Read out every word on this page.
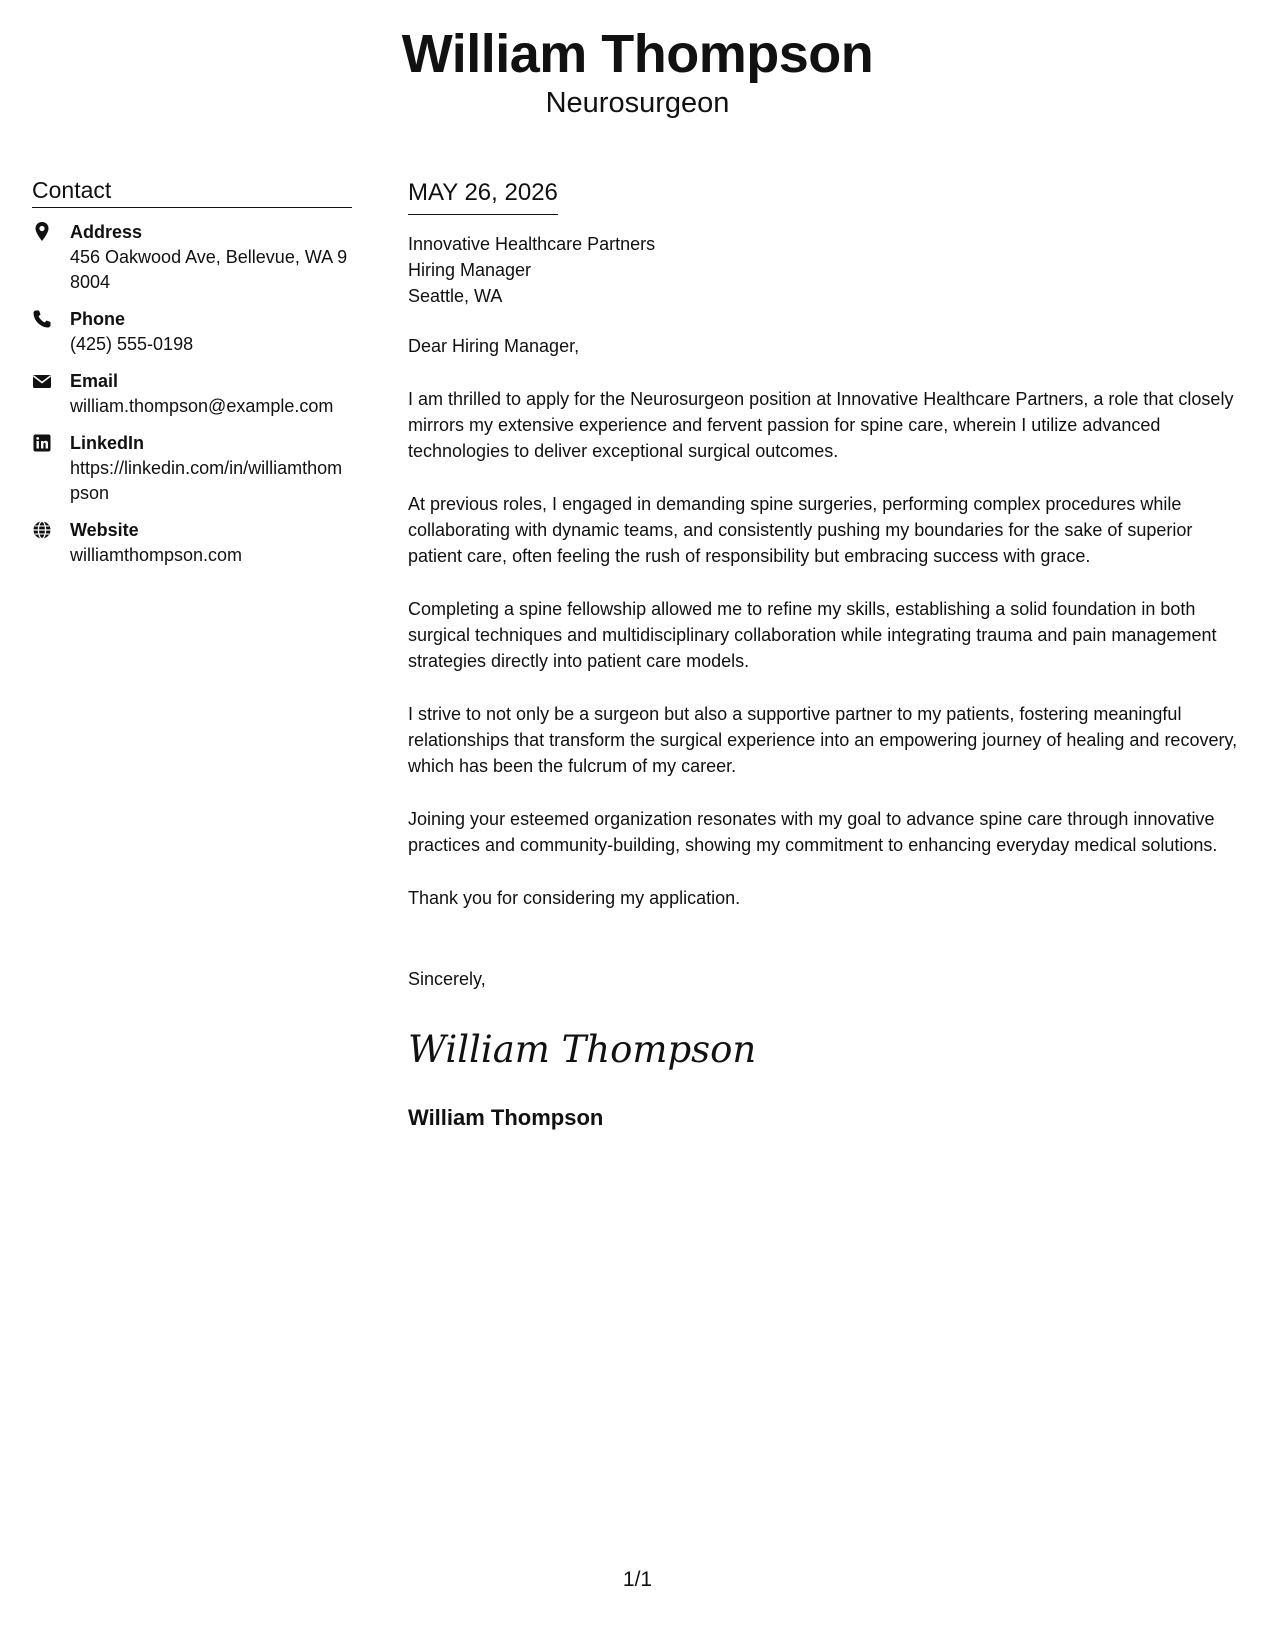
William Thompson
Neurosurgeon
Contact
Address
456 Oakwood Ave, Bellevue, WA 98004
Phone
(425) 555-0198
Email
william.thompson@example.com
LinkedIn
https://linkedin.com/in/williamthompson
Website
williamthompson.com
MAY 26, 2026
Innovative Healthcare Partners
Hiring Manager
Seattle, WA
Dear Hiring Manager,
I am thrilled to apply for the Neurosurgeon position at Innovative Healthcare Partners, a role that closely mirrors my extensive experience and fervent passion for spine care, wherein I utilize advanced technologies to deliver exceptional surgical outcomes.
At previous roles, I engaged in demanding spine surgeries, performing complex procedures while collaborating with dynamic teams, and consistently pushing my boundaries for the sake of superior patient care, often feeling the rush of responsibility but embracing success with grace.
Completing a spine fellowship allowed me to refine my skills, establishing a solid foundation in both surgical techniques and multidisciplinary collaboration while integrating trauma and pain management strategies directly into patient care models.
I strive to not only be a surgeon but also a supportive partner to my patients, fostering meaningful relationships that transform the surgical experience into an empowering journey of healing and recovery, which has been the fulcrum of my career.
Joining your esteemed organization resonates with my goal to advance spine care through innovative practices and community-building, showing my commitment to enhancing everyday medical solutions.
Thank you for considering my application.
Sincerely,
William Thompson
William Thompson
1/1
